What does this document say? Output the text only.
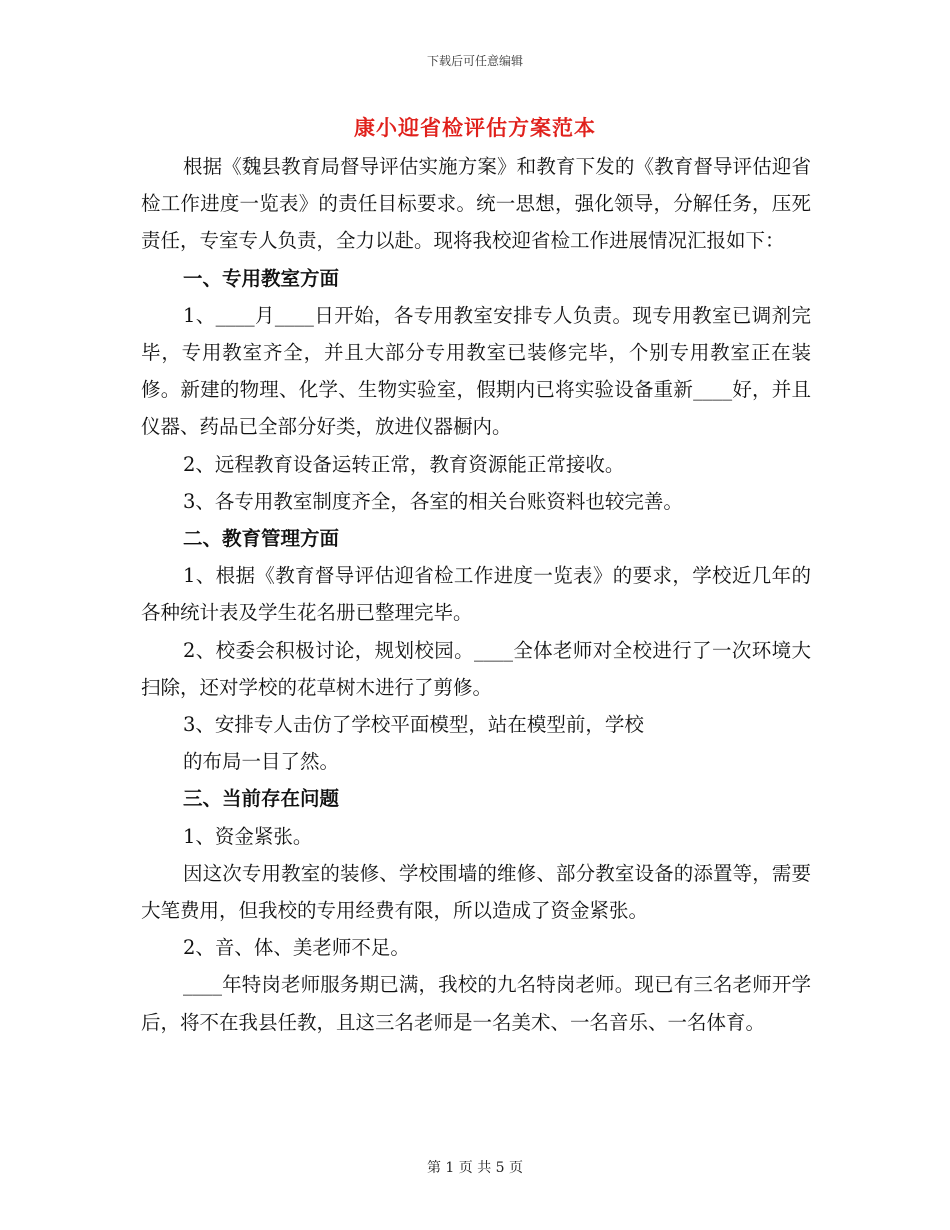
下载后可任意编辑
康小迎省检评估方案范本

根据《魏县教育局督导评估实施方案》和教育下发的《教育督导评估迎省检工作进度一览表》的责任目标要求。统一思想，强化领导，分解任务，压死责任，专室专人负责，全力以赴。现将我校迎省检工作进展情况汇报如下：

一、专用教室方面

1、____月____日开始，各专用教室安排专人负责。现专用教室已调剂完毕，专用教室齐全，并且大部分专用教室已装修完毕，个别专用教室正在装修。新建的物理、化学、生物实验室，假期内已将实验设备重新____好，并且仪器、药品已全部分好类，放进仪器橱内。

2、远程教育设备运转正常，教育资源能正常接收。

3、各专用教室制度齐全，各室的相关台账资料也较完善。

二、教育管理方面

1、根据《教育督导评估迎省检工作进度一览表》的要求，学校近几年的各种统计表及学生花名册已整理完毕。

2、校委会积极讨论，规划校园。____全体老师对全校进行了一次环境大扫除，还对学校的花草树木进行了剪修。

3、安排专人击仿了学校平面模型，站在模型前，学校

的布局一目了然。

三、当前存在问题

1、资金紧张。

因这次专用教室的装修、学校围墙的维修、部分教室设备的添置等，需要大笔费用，但我校的专用经费有限，所以造成了资金紧张。

2、音、体、美老师不足。

____年特岗老师服务期已满，我校的九名特岗老师。现已有三名老师开学后，将不在我县任教，且这三名老师是一名美术、一名音乐、一名体育。

第 1 页 共 5 页
